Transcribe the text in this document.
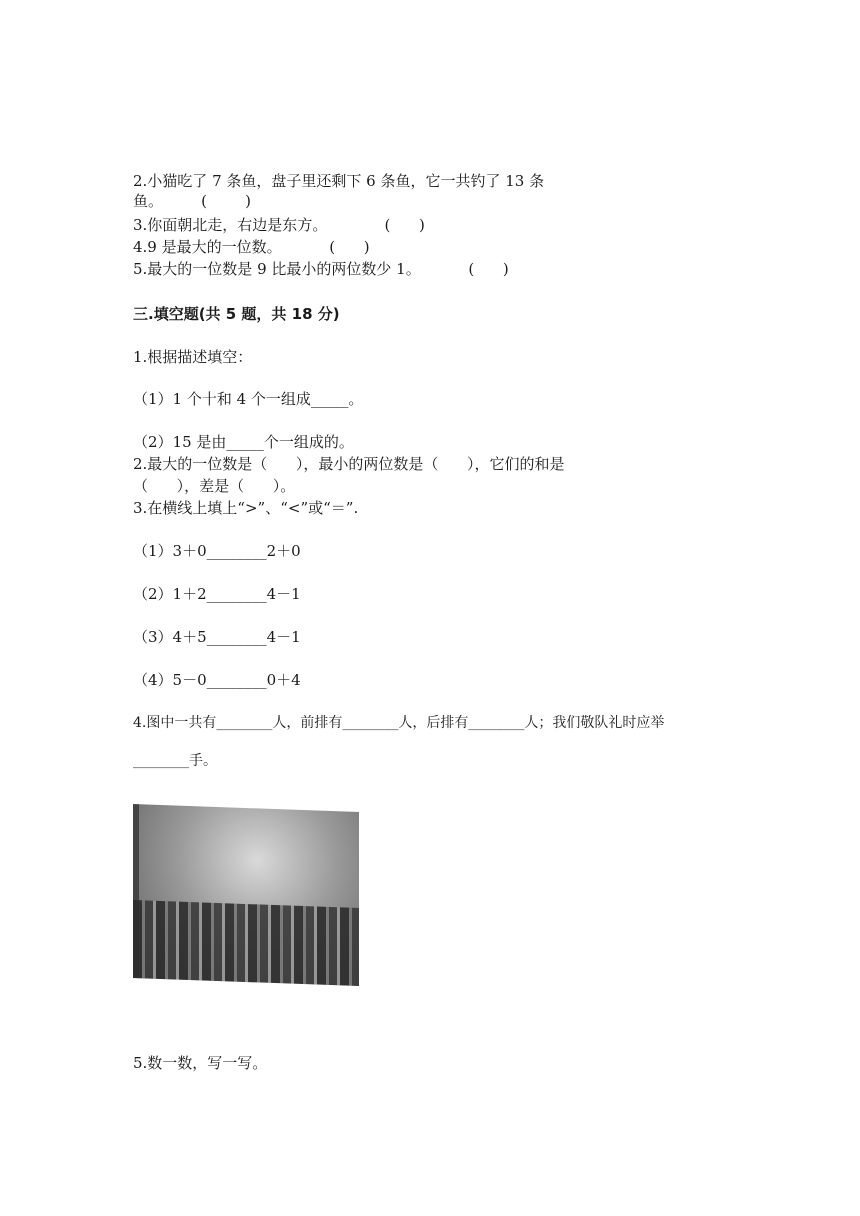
2.小猫吃了 7 条鱼，盘子里还剩下 6 条鱼，它一共钓了 13 条
鱼。        (        )
3.你面朝北走，右边是东方。            (      )
4.9 是最大的一位数。          (      )
5.最大的一位数是 9 比最小的两位数少 1。          (      )
三.填空题(共 5 题，共 18 分)
1.根据描述填空：
（1）1 个十和 4 个一组成_____。
（2）15 是由_____个一组成的。
2.最大的一位数是（      ），最小的两位数是（      ），它们的和是
（      ），差是（      ）。
3.在横线上填上“>”、“<”或“＝”.
（1）3＋0________2＋0
（2）1＋2________4－1
（3）4＋5________4－1
（4）5－0________0＋4
4.图中一共有________人，前排有________人，后排有________人；我们敬队礼时应举
________手。
5.数一数，写一写。
